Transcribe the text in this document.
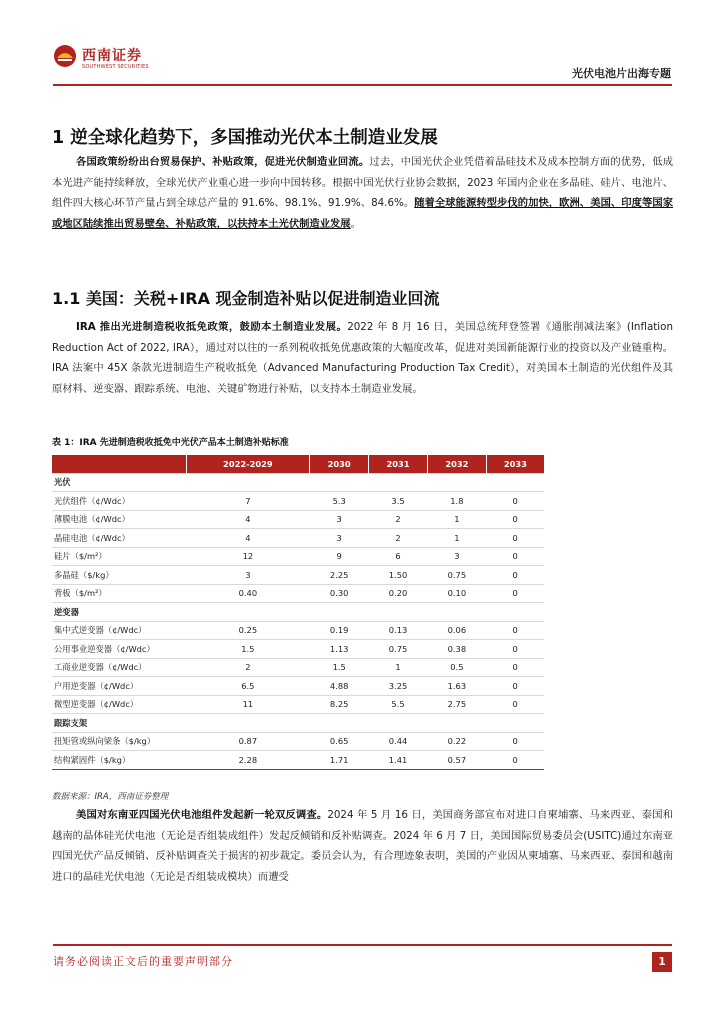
西南证券
SOUTHWEST SECURITIES	光伏电池片出海专题
1 逆全球化趋势下，多国推动光伏本土制造业发展
各国政策纷纷出台贸易保护、补贴政策，促进光伏制造业回流。过去，中国光伏企业凭借着晶硅技术及成本控制方面的优势，低成本光进产能持续释放，全球光伏产业重心进一步向中国转移。根据中国光伏行业协会数据，2023 年国内企业在多晶硅、硅片、电池片、组件四大核心环节产量占到全球总产量的 91.6%、98.1%、91.9%、84.6%。随着全球能源转型步伐的加快，欧洲、美国、印度等国家或地区陆续推出贸易壁垒、补贴政策，以扶持本土光伏制造业发展。
1.1 美国：关税+IRA 现金制造补贴以促进制造业回流
IRA 推出光进制造税收抵免政策，鼓励本土制造业发展。2022 年 8 月 16 日，美国总统拜登签署《通胀削减法案》(Inflation Reduction Act of 2022, IRA），通过对以往的一系列税收抵免优惠政策的大幅度改革，促进对美国新能源行业的投资以及产业链重构。IRA 法案中 45X 条款光进制造生产税收抵免（Advanced Manufacturing Production Tax Credit），对美国本土制造的光伏组件及其原材料、逆变器、跟踪系统、电池、关键矿物进行补贴，以支持本土制造业发展。
表 1：IRA 先进制造税收抵免中光伏产品本土制造补贴标准
	2022-2029	2030	2031	2032	2033
光伏					
光伏组件（¢/Wdc）	7	5.3	3.5	1.8	0
薄膜电池（¢/Wdc）	4	3	2	1	0
晶硅电池（¢/Wdc）	4	3	2	1	0
硅片（$/m²）	12	9	6	3	0
多晶硅（$/kg）	3	2.25	1.50	0.75	0
背板（$/m²）	0.40	0.30	0.20	0.10	0
逆变器					
集中式逆变器（¢/Wdc）	0.25	0.19	0.13	0.06	0
公用事业逆变器（¢/Wdc）	1.5	1.13	0.75	0.38	0
工商业逆变器（¢/Wdc）	2	1.5	1	0.5	0
户用逆变器（¢/Wdc）	6.5	4.88	3.25	1.63	0
微型逆变器（¢/Wdc）	11	8.25	5.5	2.75	0
跟踪支架					
扭矩管或纵向梁条（$/kg）	0.87	0.65	0.44	0.22	0
结构紧固件（$/kg）	2.28	1.71	1.41	0.57	0
数据来源：IRA，西南证券整理
美国对东南亚四国光伏电池组件发起新一轮双反调查。2024 年 5 月 16 日，美国商务部宣布对进口自柬埔寨、马来西亚、泰国和越南的晶体硅光伏电池（无论是否组装成组件）发起反倾销和反补贴调查。2024 年 6 月 7 日，美国国际贸易委员会(USITC)通过东南亚四国光伏产品反倾销、反补贴调查关于损害的初步裁定。委员会认为，有合理迹象表明，美国的产业因从柬埔寨、马来西亚、泰国和越南进口的晶硅光伏电池（无论是否组装成模块）而遭受
请务必阅读正文后的重要声明部分	1
